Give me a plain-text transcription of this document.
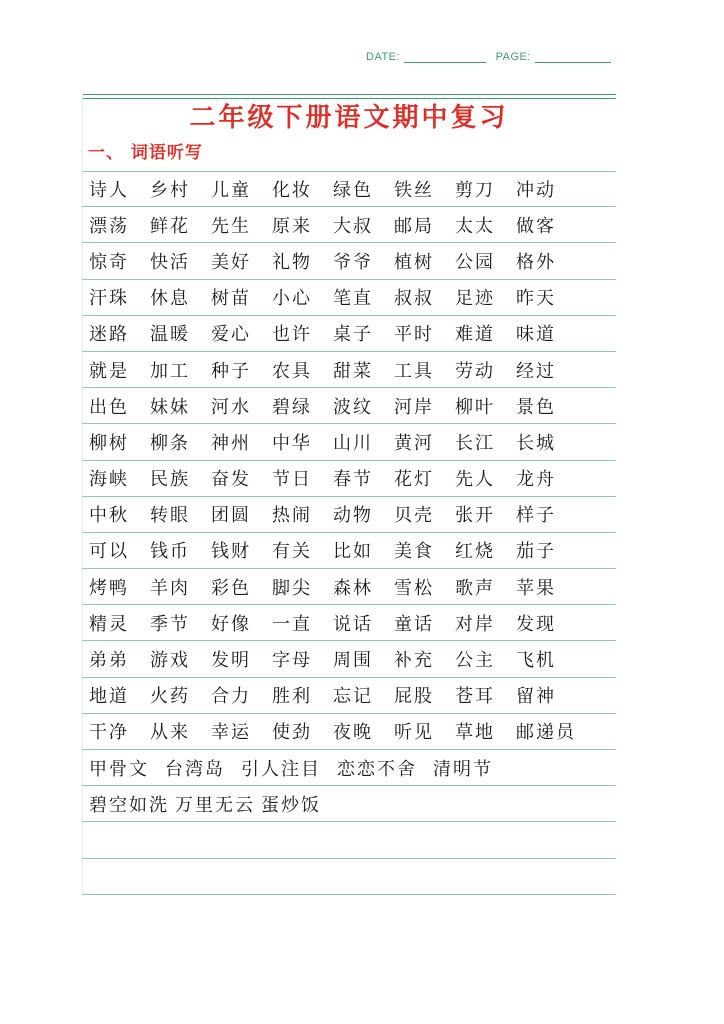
DATE:	PAGE:
二年级下册语文期中复习
一、 词语听写
诗人	乡村	儿童	化妆	绿色	铁丝	剪刀	冲动
漂荡	鲜花	先生	原来	大叔	邮局	太太	做客
惊奇	快活	美好	礼物	爷爷	植树	公园	格外
汗珠	休息	树苗	小心	笔直	叔叔	足迹	昨天
迷路	温暖	爱心	也许	桌子	平时	难道	味道
就是	加工	种子	农具	甜菜	工具	劳动	经过
出色	妹妹	河水	碧绿	波纹	河岸	柳叶	景色
柳树	柳条	神州	中华	山川	黄河	长江	长城
海峡	民族	奋发	节日	春节	花灯	先人	龙舟
中秋	转眼	团圆	热闹	动物	贝壳	张开	样子
可以	钱币	钱财	有关	比如	美食	红烧	茄子
烤鸭	羊肉	彩色	脚尖	森林	雪松	歌声	苹果
精灵	季节	好像	一直	说话	童话	对岸	发现
弟弟	游戏	发明	字母	周围	补充	公主	飞机
地道	火药	合力	胜利	忘记	屁股	苍耳	留神
干净	从来	幸运	使劲	夜晚	听见	草地	邮递员
甲骨文 台湾岛 引人注目 恋恋不舍 清明节
碧空如洗 万里无云 蛋炒饭
